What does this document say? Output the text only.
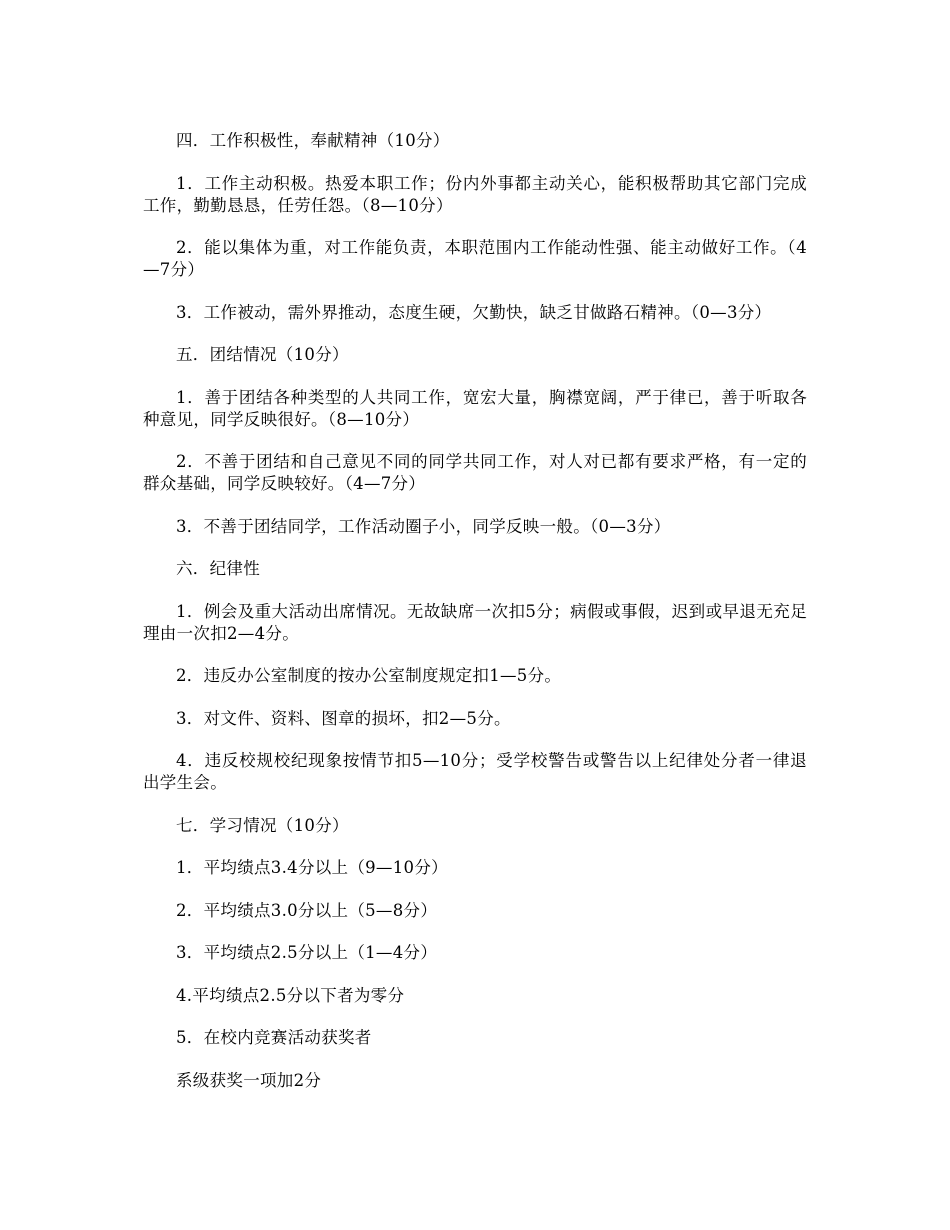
四．工作积极性，奉献精神（10分）

1．工作主动积极。热爱本职工作；份内外事都主动关心，能积极帮助其它部门完成工作，勤勤恳恳，任劳任怨。（8—10分）

2．能以集体为重，对工作能负责，本职范围内工作能动性强、能主动做好工作。（4—7分）

3．工作被动，需外界推动，态度生硬，欠勤快，缺乏甘做路石精神。（0—3分）

五．团结情况（10分）

1．善于团结各种类型的人共同工作，宽宏大量，胸襟宽阔，严于律已，善于听取各种意见，同学反映很好。（8—10分）

2．不善于团结和自己意见不同的同学共同工作，对人对已都有要求严格，有一定的群众基础，同学反映较好。（4—7分）

3．不善于团结同学，工作活动圈子小，同学反映一般。（0—3分）

六．纪律性

1．例会及重大活动出席情况。无故缺席一次扣5分；病假或事假，迟到或早退无充足理由一次扣2—4分。

2．违反办公室制度的按办公室制度规定扣1—5分。

3．对文件、资料、图章的损坏，扣2—5分。

4．违反校规校纪现象按情节扣5—10分；受学校警告或警告以上纪律处分者一律退出学生会。

七．学习情况（10分）

1．平均绩点3.4分以上（9—10分）

2．平均绩点3.0分以上（5—8分）

3．平均绩点2.5分以上（1—4分）

4.平均绩点2.5分以下者为零分

5．在校内竞赛活动获奖者

系级获奖一项加2分
